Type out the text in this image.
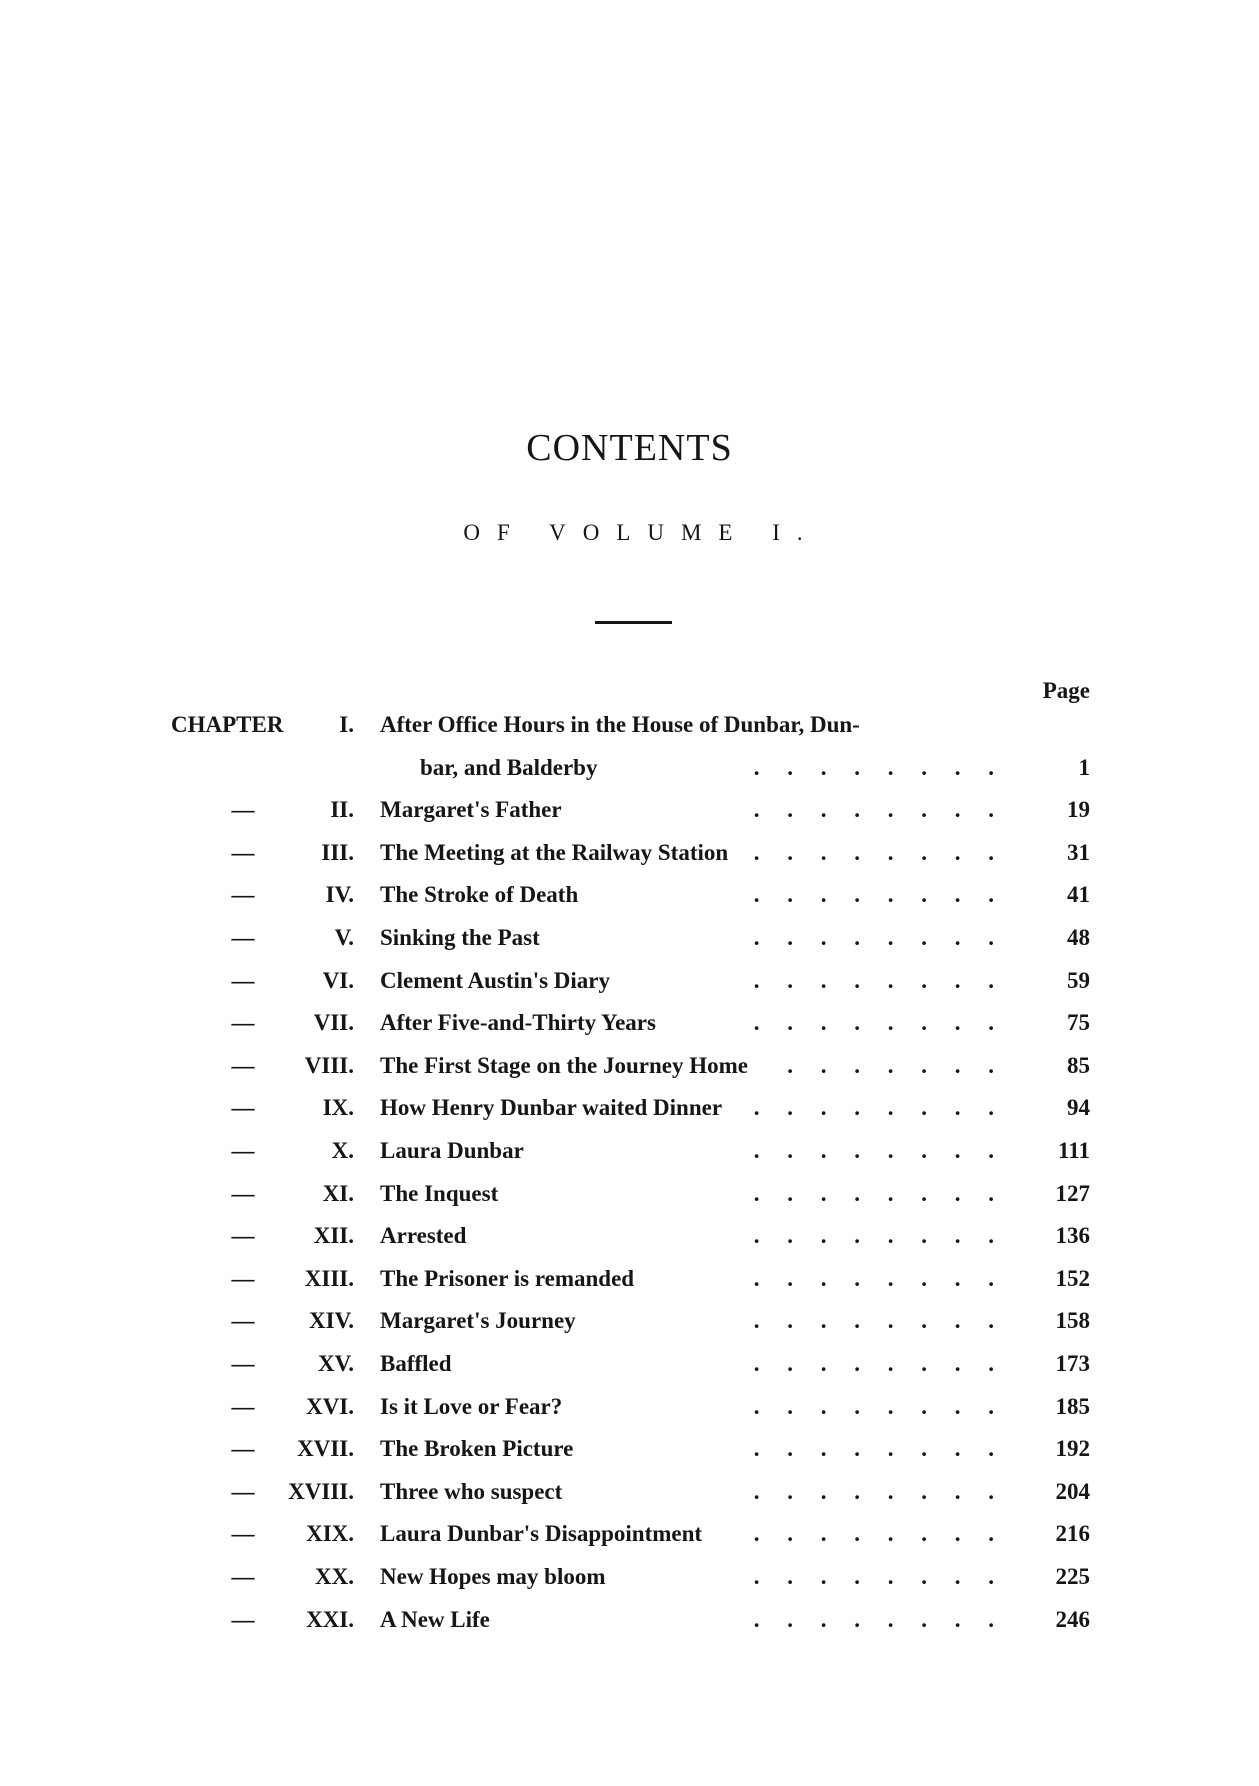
CONTENTS
OF VOLUME I.
Page
CHAPTER	I. After Office Hours in the House of Dunbar, Dun-
bar, and Balderby	. . . . . . . .	1
—	II. Margaret's Father	. . . . . . . .	19
—	III. The Meeting at the Railway Station . . . . . . . .	31
—	IV. The Stroke of Death	. . . . . . . .	41
—	V. Sinking the Past	. . . . . . . .	48
—	VI. Clement Austin's Diary	. . . . . . . .	59
—	VII. After Five-and-Thirty Years	. . . . . . . .	75
—	VIII. The First Stage on the Journey Home . . . . . . .	85
—	IX. How Henry Dunbar waited Dinner . . . . . . . .	94
—	X. Laura Dunbar	. . . . . . . .	111
—	XI. The Inquest	. . . . . . . .	127
—	XII. Arrested	. . . . . . . .	136
—	XIII. The Prisoner is remanded	. . . . . . . .	152
—	XIV. Margaret's Journey	. . . . . . . .	158
—	XV. Baffled	. . . . . . . .	173
—	XVI. Is it Love or Fear?	. . . . . . . .	185
—	XVII. The Broken Picture	. . . . . . . .	192
—	XVIII. Three who suspect	. . . . . . . .	204
—	XIX. Laura Dunbar's Disappointment . . . . . . . .	216
—	XX. New Hopes may bloom	. . . . . . . .	225
—	XXI. A New Life	. . . . . . . .	246
